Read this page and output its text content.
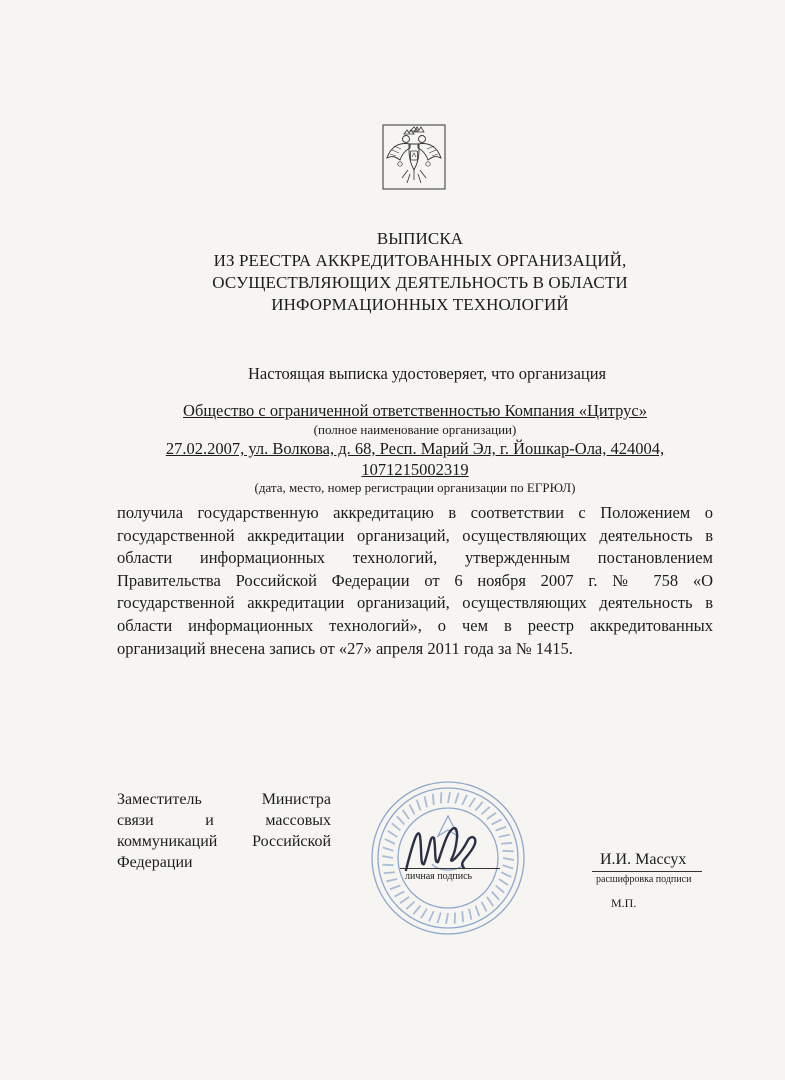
ВЫПИСКА
ИЗ РЕЕСТРА АККРЕДИТОВАННЫХ ОРГАНИЗАЦИЙ,
ОСУЩЕСТВЛЯЮЩИХ ДЕЯТЕЛЬНОСТЬ В ОБЛАСТИ
ИНФОРМАЦИОННЫХ ТЕХНОЛОГИЙ
Настоящая выписка удостоверяет, что организация
Общество с ограниченной ответственностью Компания «Цитрус»
(полное наименование организации)
27.02.2007, ул. Волкова, д. 68, Респ. Марий Эл, г. Йошкар-Ола, 424004,
1071215002319
(дата, место, номер регистрации организации по ЕГРЮЛ)
получила государственную аккредитацию в соответствии с Положением о государственной аккредитации организаций, осуществляющих деятельность в области информационных технологий, утвержденным постановлением Правительства Российской Федерации от 6 ноября 2007 г. № 758 «О государственной аккредитации организаций, осуществляющих деятельность в области информационных технологий», о чем в реестр аккредитованных организаций внесена запись от «27» апреля 2011 года за № 1415.
Заместитель Министра
связи и массовых
коммуникаций Российской
Федерации
личная подпись
И.И. Массух
расшифровка подписи
М.П.
